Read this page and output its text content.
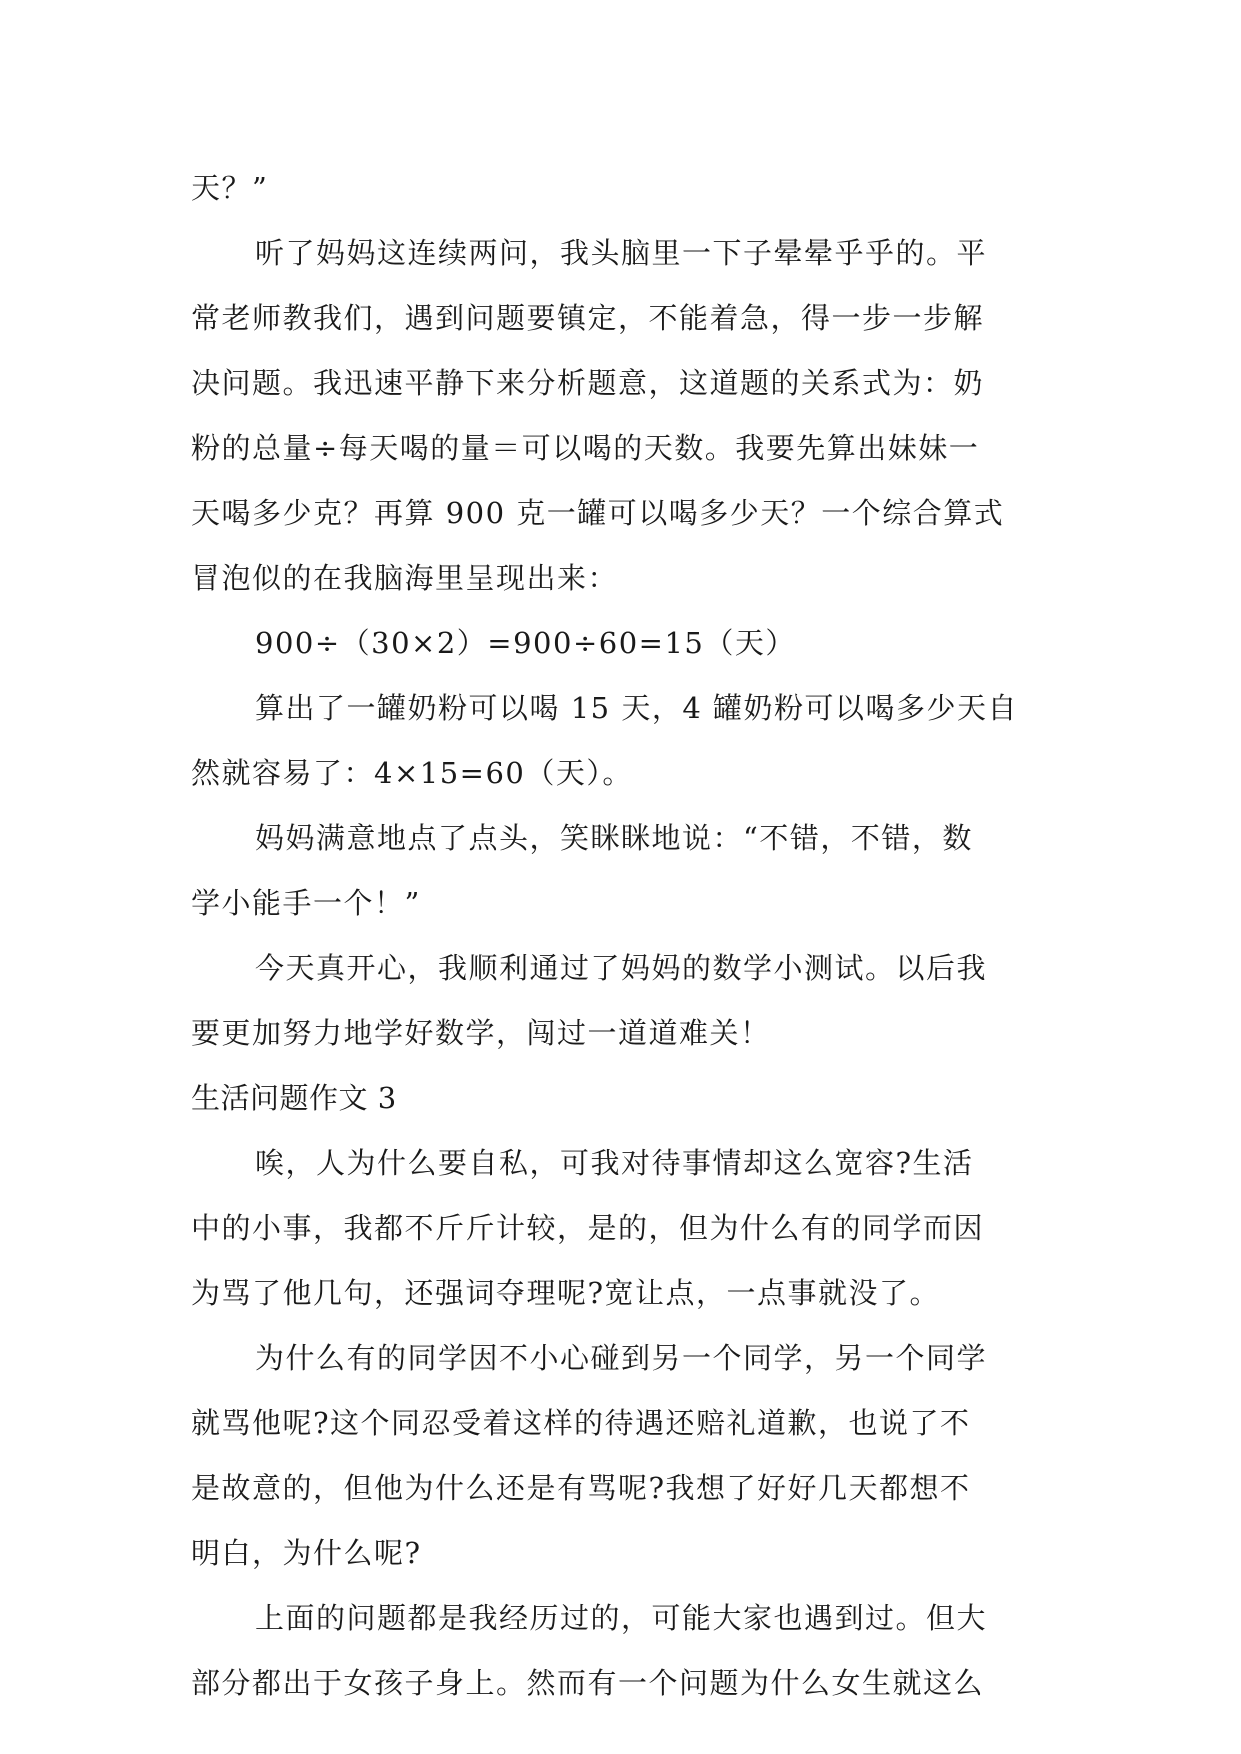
天？”
听了妈妈这连续两问，我头脑里一下子晕晕乎乎的。平
常老师教我们，遇到问题要镇定，不能着急，得一步一步解
决问题。我迅速平静下来分析题意，这道题的关系式为：奶
粉的总量÷每天喝的量＝可以喝的天数。我要先算出妹妹一
天喝多少克？再算 900 克一罐可以喝多少天？一个综合算式
冒泡似的在我脑海里呈现出来：
900÷（30×2）=900÷60=15（天）
算出了一罐奶粉可以喝 15 天，4 罐奶粉可以喝多少天自
然就容易了：4×15=60（天）。
妈妈满意地点了点头，笑眯眯地说：“不错，不错，数
学小能手一个！”
今天真开心，我顺利通过了妈妈的数学小测试。以后我
要更加努力地学好数学，闯过一道道难关！
生活问题作文 3
唉，人为什么要自私，可我对待事情却这么宽容?生活
中的小事，我都不斤斤计较，是的，但为什么有的同学而因
为骂了他几句，还强词夺理呢?宽让点，一点事就没了。
为什么有的同学因不小心碰到另一个同学，另一个同学
就骂他呢?这个同忍受着这样的待遇还赔礼道歉，也说了不
是故意的，但他为什么还是有骂呢?我想了好好几天都想不
明白，为什么呢?
上面的问题都是我经历过的，可能大家也遇到过。但大
部分都出于女孩子身上。然而有一个问题为什么女生就这么
